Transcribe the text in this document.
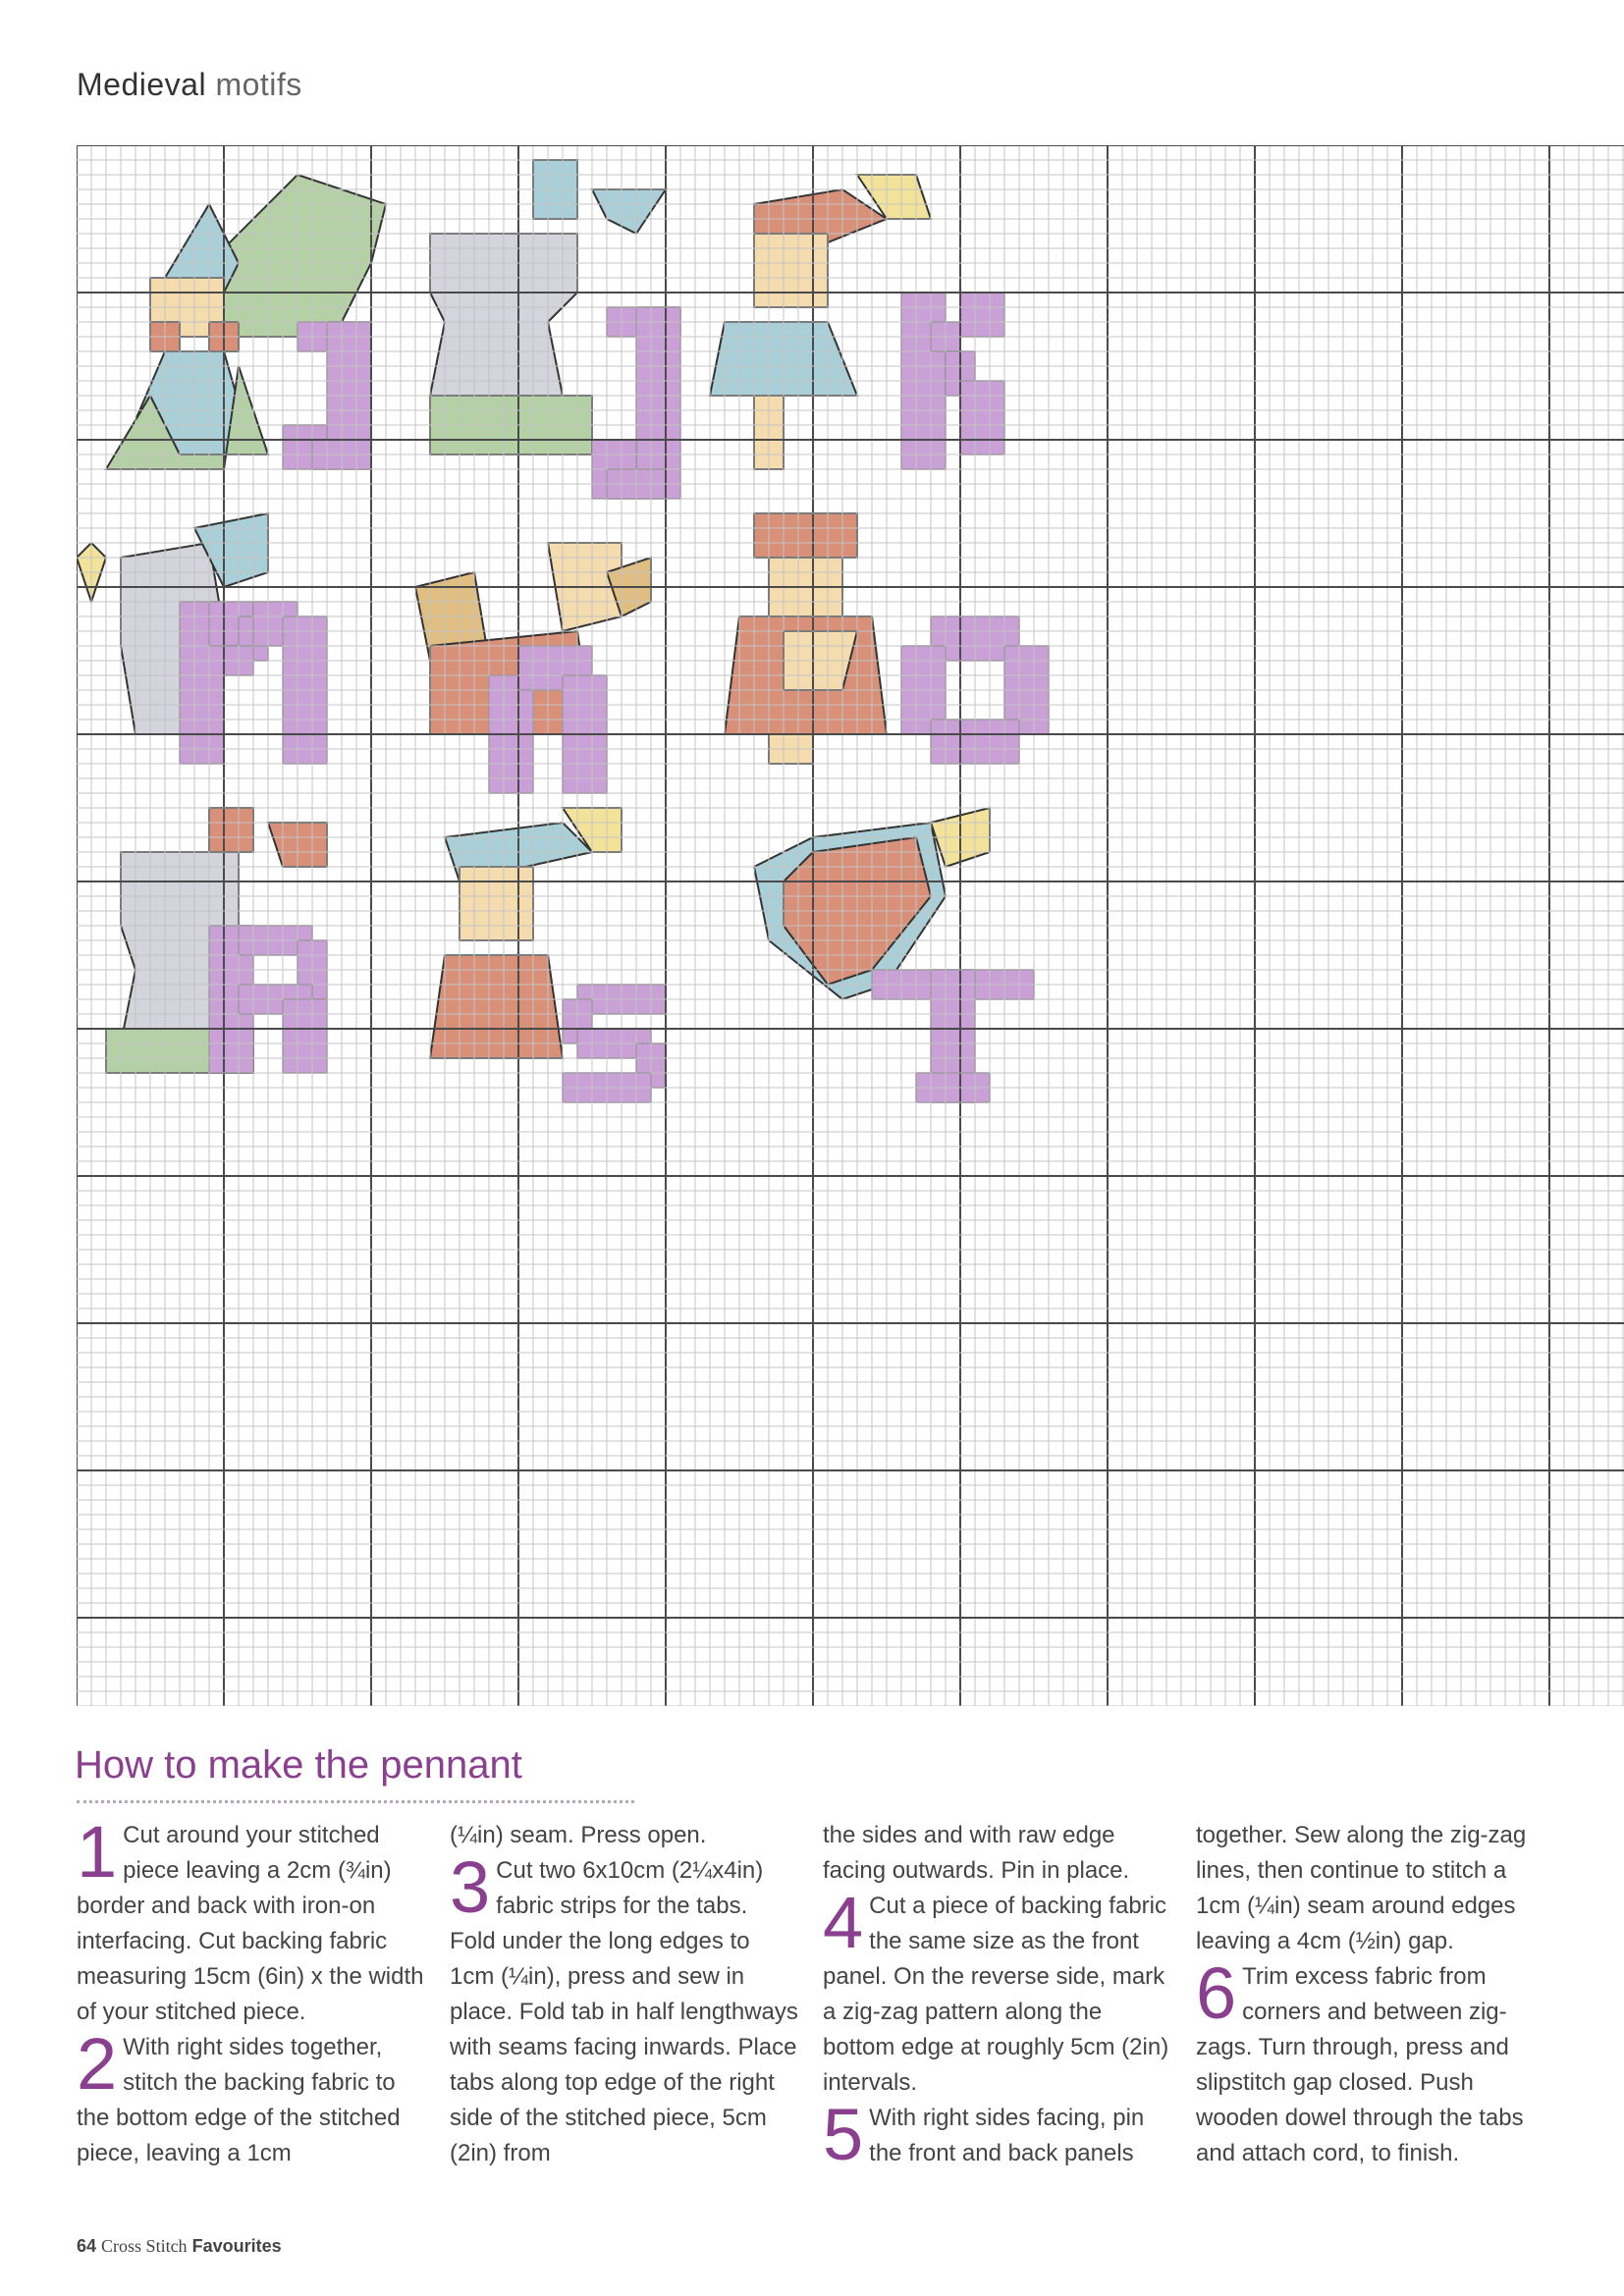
Medieval motifs
How to make the pennant

1 Cut around your stitched piece leaving a 2cm (¾in) border and back with iron-on interfacing. Cut backing fabric measuring 15cm (6in) x the width of your stitched piece.

2 With right sides together, stitch the backing fabric to the bottom edge of the stitched piece, leaving a 1cm

(¼in) seam. Press open.

3 Cut two 6x10cm (2¼x4in) fabric strips for the tabs. Fold under the long edges to 1cm (¼in), press and sew in place. Fold tab in half lengthways with seams facing inwards. Place tabs along top edge of the right side of the stitched piece, 5cm (2in) from

the sides and with raw edge facing outwards. Pin in place.

4 Cut a piece of backing fabric the same size as the front panel. On the reverse side, mark a zig-zag pattern along the bottom edge at roughly 5cm (2in) intervals.

5 With right sides facing, pin the front and back panels

together. Sew along the zig-zag lines, then continue to stitch a 1cm (¼in) seam around edges leaving a 4cm (½in) gap.

6 Trim excess fabric from corners and between zig-zags. Turn through, press and slipstitch gap closed. Push wooden dowel through the tabs and attach cord, to finish.

64 Cross Stitch Favourites
